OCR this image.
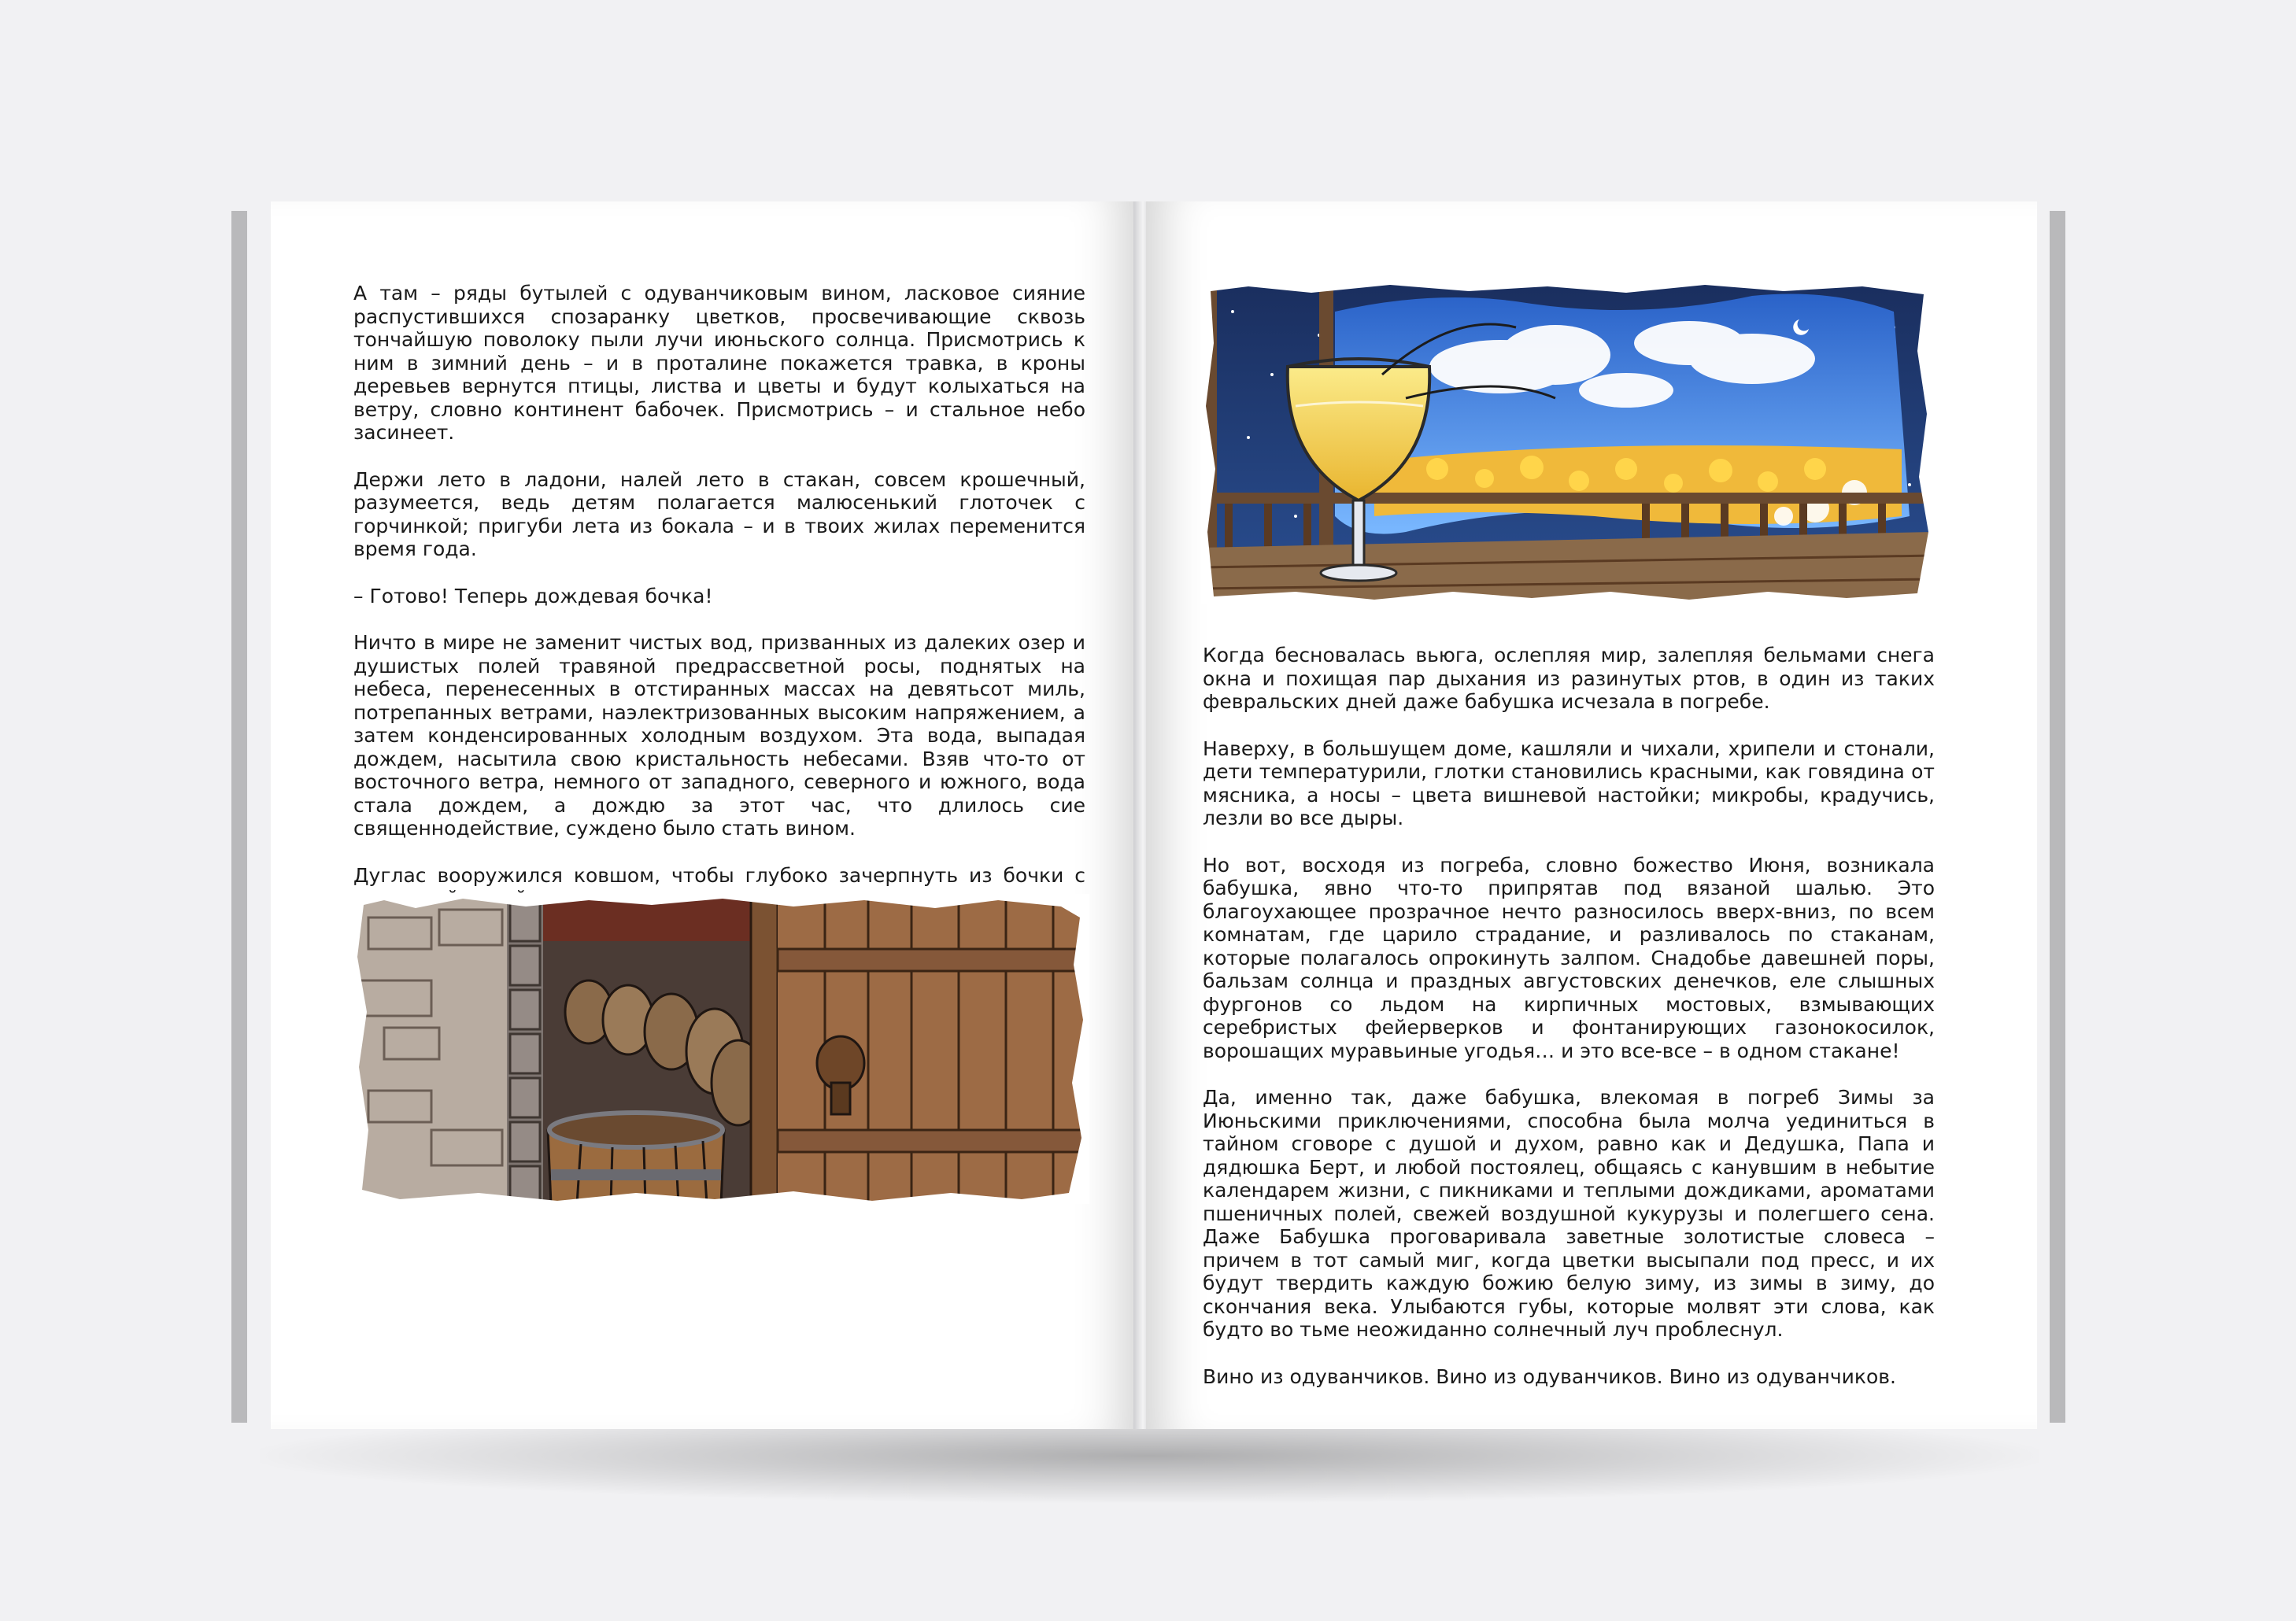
А там – ряды бутылей с одуванчиковым вином, ласковое сияние распустившихся спозаранку цветков, просвечивающие сквозь тончайшую поволоку пыли лучи июньского солнца. Присмотрись к ним в зимний день – и в проталине покажется травка, в кроны деревьев вернутся птицы, листва и цветы и будут колыхаться на ветру, словно континент бабочек. Присмотрись – и стальное небо засинеет.

Держи лето в ладони, налей лето в стакан, совсем крошечный, разумеется, ведь детям полагается малюсенький глоточек с горчинкой; пригуби лета из бокала – и в твоих жилах переменится время года.

– Готово! Теперь дождевая бочка!

Ничто в мире не заменит чистых вод, призванных из далеких озер и душистых полей травяной предрассветной росы, поднятых на небеса, перенесенных в отстиранных массах на девятьсот миль, потрепанных ветрами, наэлектризованных высоким напряжением, а затем конденсированных холодным воздухом. Эта вода, выпадая дождем, насытила свою кристальность небесами. Взяв что-то от восточного ветра, немного от западного, северного и южного, вода стала дождем, а дождю за этот час, что длилось сие священнодействие, суждено было стать вином.

Дуглас вооружился ковшом, чтобы глубоко зачерпнуть из бочки с

Когда бесновалась вьюга, ослепляя мир, залепляя бельмами снега окна и похищая пар дыхания из разинутых ртов, в один из таких февральских дней даже бабушка исчезала в погребе.

Наверху, в большущем доме, кашляли и чихали, хрипели и стонали, дети температурили, глотки становились красными, как говядина от мясника, а носы – цвета вишневой настойки; микробы, крадучись, лезли во все дыры.

Но вот, восходя из погреба, словно божество Июня, возникала бабушка, явно что-то припрятав под вязаной шалью. Это благоухающее прозрачное нечто разносилось вверх-вниз, по всем комнатам, где царило страдание, и разливалось по стаканам, которые полагалось опрокинуть залпом. Снадобье давешней поры, бальзам солнца и праздных августовских денечков, еле слышных фургонов со льдом на кирпичных мостовых, взмывающих серебристых фейерверков и фонтанирующих газонокосилок, ворошащих муравьиные угодья… и это все-все – в одном стакане!

Да, именно так, даже бабушка, влекомая в погреб Зимы за Июньскими приключениями, способна была молча уединиться в тайном сговоре с душой и духом, равно как и Дедушка, Папа и дядюшка Берт, и любой постоялец, общаясь с канувшим в небытие календарем жизни, с пикниками и теплыми дождиками, ароматами пшеничных полей, свежей воздушной кукурузы и полегшего сена. Даже Бабушка проговаривала заветные золотистые словеса – причем в тот самый миг, когда цветки высыпали под пресс, и их будут твердить каждую божию белую зиму, из зимы в зиму, до скончания века. Улыбаются губы, которые молвят эти слова, как будто во тьме неожиданно солнечный луч проблеснул.

Вино из одуванчиков. Вино из одуванчиков. Вино из одуванчиков.
